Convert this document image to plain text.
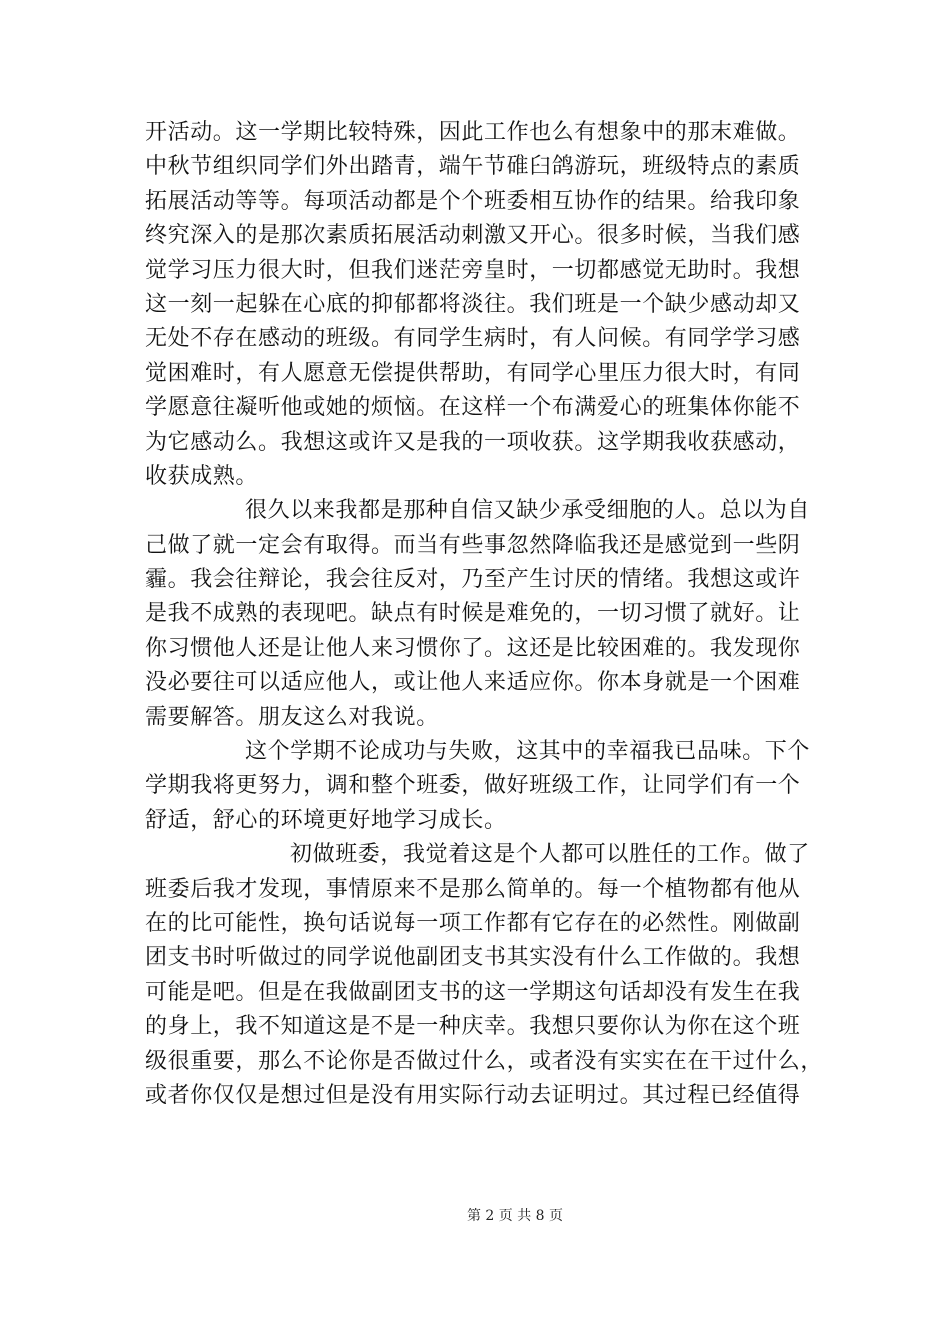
开活动。这一学期比较特殊，因此工作也么有想象中的那末难做。
中秋节组织同学们外出踏青，端午节碓臼鸽游玩，班级特点的素质
拓展活动等等。每项活动都是个个班委相互协作的结果。给我印象
终究深入的是那次素质拓展活动刺激又开心。很多时候，当我们感
觉学习压力很大时，但我们迷茫旁皇时，一切都感觉无助时。我想
这一刻一起躲在心底的抑郁都将淡往。我们班是一个缺少感动却又
无处不存在感动的班级。有同学生病时，有人问候。有同学学习感
觉困难时，有人愿意无偿提供帮助，有同学心里压力很大时，有同
学愿意往凝听他或她的烦恼。在这样一个布满爱心的班集体你能不
为它感动么。我想这或许又是我的一项收获。这学期我收获感动，
收获成熟。
很久以来我都是那种自信又缺少承受细胞的人。总以为自
己做了就一定会有取得。而当有些事忽然降临我还是感觉到一些阴
霾。我会往辩论，我会往反对，乃至产生讨厌的情绪。我想这或许
是我不成熟的表现吧。缺点有时候是难免的，一切习惯了就好。让
你习惯他人还是让他人来习惯你了。这还是比较困难的。我发现你
没必要往可以适应他人，或让他人来适应你。你本身就是一个困难
需要解答。朋友这么对我说。
这个学期不论成功与失败，这其中的幸福我已品味。下个
学期我将更努力，调和整个班委，做好班级工作，让同学们有一个
舒适，舒心的环境更好地学习成长。
初做班委，我觉着这是个人都可以胜任的工作。做了
班委后我才发现，事情原来不是那么简单的。每一个植物都有他从
在的比可能性，换句话说每一项工作都有它存在的必然性。刚做副
团支书时听做过的同学说他副团支书其实没有什么工作做的。我想
可能是吧。但是在我做副团支书的这一学期这句话却没有发生在我
的身上，我不知道这是不是一种庆幸。我想只要你认为你在这个班
级很重要，那么不论你是否做过什么，或者没有实实在在干过什么，
或者你仅仅是想过但是没有用实际行动去证明过。其过程已经值得
第 2 页 共 8 页
